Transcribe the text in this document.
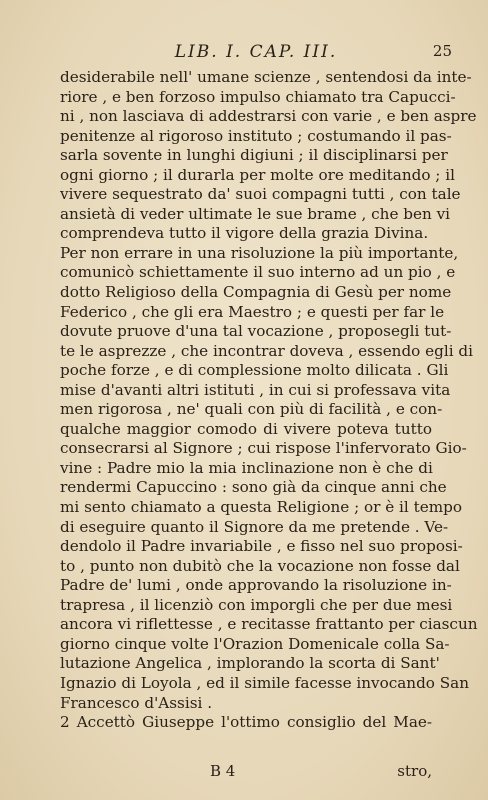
LIB. I. CAP. III.	25
desiderabile nell' umane scienze , sentendosi da inte-
riore , e ben forzoso impulso chiamato tra Capucci-
ni , non lasciava di addestrarsi con varie , e ben aspre
penitenze al rigoroso instituto ; costumando il pas-
sarla sovente in lunghi digiuni ; il disciplinarsi per
ogni giorno ; il durarla per molte ore meditando ; il
vivere sequestrato da' suoi compagni tutti , con tale
ansietà di veder ultimate le sue brame , che ben vi
comprendeva tutto il vigore della grazia Divina.
Per non errare in una risoluzione la più importante,
comunicò schiettamente il suo interno ad un pio , e
dotto Religioso della Compagnia di Gesù per nome
Federico , che gli era Maestro ; e questi per far le
dovute pruove d'una tal vocazione , proposegli tut-
te le asprezze , che incontrar doveva , essendo egli di
poche forze , e di complessione molto dilicata . Gli
mise d'avanti altri istituti , in cui si professava vita
men rigorosa , ne' quali con più di facilità , e con-
qualche maggior comodo di vivere poteva tutto
consecrarsi al Signore ; cui rispose l'infervorato Gio-
vine : Padre mio la mia inclinazione non è che di
rendermi Capuccino : sono già da cinque anni che
mi sento chiamato a questa Religione ; or è il tempo
di eseguire quanto il Signore da me pretende . Ve-
dendolo il Padre invariabile , e fisso nel suo proposi-
to , punto non dubitò che la vocazione non fosse dal
Padre de' lumi , onde approvando la risoluzione in-
trapresa , il licenziò con imporgli che per due mesi
ancora vi riflettesse , e recitasse frattanto per ciascun
giorno cinque volte l'Orazion Domenicale colla Sa-
lutazione Angelica , implorando la scorta di Sant'
Ignazio di Loyola , ed il simile facesse invocando San
Francesco d'Assisi .
2 Accettò Giuseppe l'ottimo consiglio del Mae-
B 4	stro,
